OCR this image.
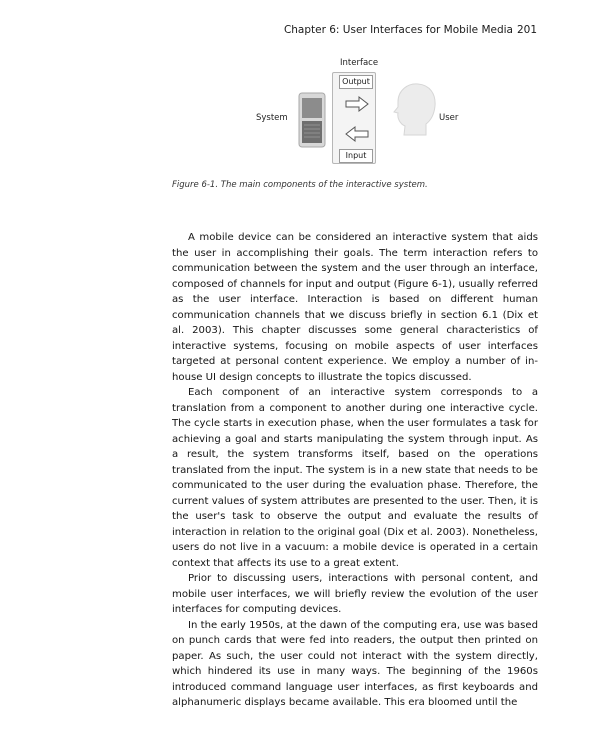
Chapter 6: User Interfaces for Mobile Media 201
Interface
System	User
Output
Input
Figure 6-1. The main components of the interactive system.

A mobile device can be considered an interactive system that aids the user in accomplishing their goals. The term interaction refers to communication between the system and the user through an interface, composed of channels for input and output (Figure 6-1), usually referred as the user interface. Interaction is based on different human communication channels that we discuss briefly in section 6.1 (Dix et al. 2003). This chapter discusses some general characteristics of interactive systems, focusing on mobile aspects of user interfaces targeted at personal content experience. We employ a number of in-house UI design concepts to illustrate the topics discussed.

Each component of an interactive system corresponds to a translation from a component to another during one interactive cycle. The cycle starts in execution phase, when the user formulates a task for achieving a goal and starts manipulating the system through input. As a result, the system transforms itself, based on the operations translated from the input. The system is in a new state that needs to be communicated to the user during the evaluation phase. Therefore, the current values of system attributes are presented to the user. Then, it is the user's task to observe the output and evaluate the results of interaction in relation to the original goal (Dix et al. 2003). Nonetheless, users do not live in a vacuum: a mobile device is operated in a certain context that affects its use to a great extent.

Prior to discussing users, interactions with personal content, and mobile user interfaces, we will briefly review the evolution of the user interfaces for computing devices.

In the early 1950s, at the dawn of the computing era, use was based on punch cards that were fed into readers, the output then printed on paper. As such, the user could not interact with the system directly, which hindered its use in many ways. The beginning of the 1960s introduced command language user interfaces, as first keyboards and alphanumeric displays became available. This era bloomed until the
